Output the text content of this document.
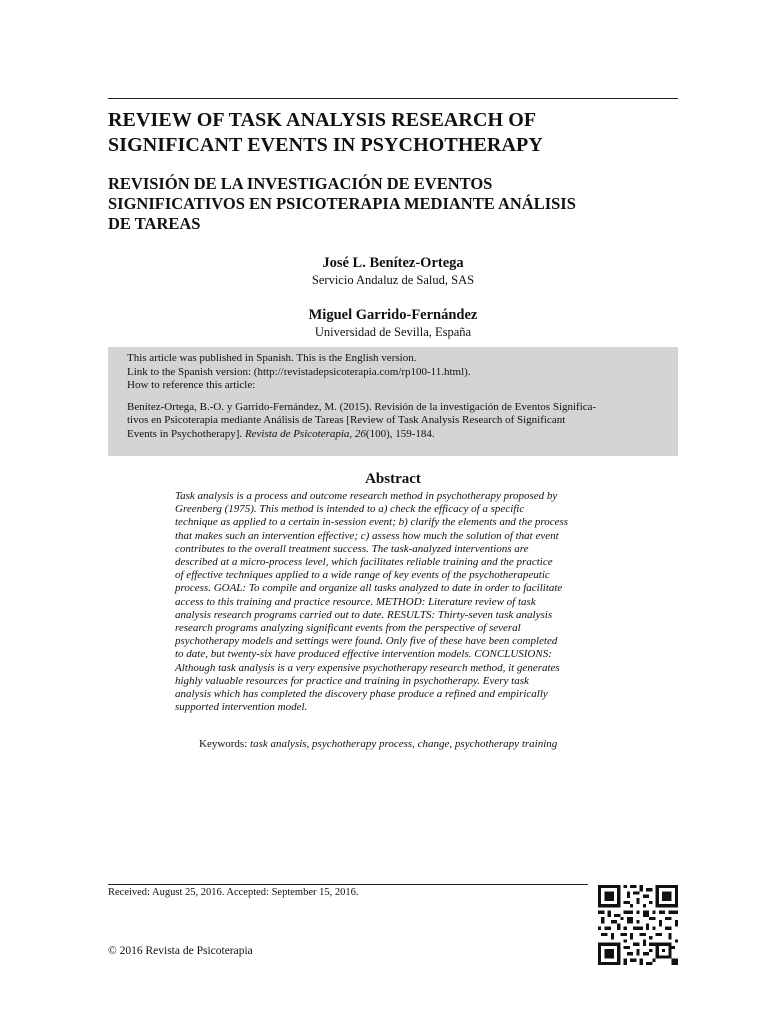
REVIEW OF TASK ANALYSIS RESEARCH OF
SIGNIFICANT EVENTS IN PSYCHOTHERAPY
REVISIÓN DE LA INVESTIGACIÓN DE EVENTOS
SIGNIFICATIVOS EN PSICOTERAPIA MEDIANTE ANÁLISIS
DE TAREAS
José L. Benítez-Ortega
Servicio Andaluz de Salud, SAS
Miguel Garrido-Fernández
Universidad de Sevilla, España
This article was published in Spanish. This is the English version.
Link to the Spanish version: (http://revistadepsicoterapia.com/rp100-11.html).
How to reference this article:
Benítez-Ortega, B.-O. y Garrido-Fernández, M. (2015). Revisión de la investigación de Eventos Significa-
tivos en Psicoterapia mediante Análisis de Tareas [Review of Task Analysis Research of Significant
Events in Psychotherapy]. Revista de Psicoterapia, 26(100), 159-184.
Abstract
Task analysis is a process and outcome research method in psychotherapy proposed by
Greenberg (1975). This method is intended to a) check the efficacy of a specific
technique as applied to a certain in-session event; b) clarify the elements and the process
that makes such an intervention effective; c) assess how much the solution of that event
contributes to the overall treatment success. The task-analyzed interventions are
described at a micro-process level, which facilitates reliable training and the practice
of effective techniques applied to a wide range of key events of the psychotherapeutic
process. GOAL: To compile and organize all tasks analyzed to date in order to facilitate
access to this training and practice resource. METHOD: Literature review of task
analysis research programs carried out to date. RESULTS: Thirty-seven task analysis
research programs analyzing significant events from the perspective of several
psychotherapy models and settings were found. Only five of these have been completed
to date, but twenty-six have produced effective intervention models. CONCLUSIONS:
Although task analysis is a very expensive psychotherapy research method, it generates
highly valuable resources for practice and training in psychotherapy. Every task
analysis which has completed the discovery phase produce a refined and empirically
supported intervention model.
Keywords: task analysis, psychotherapy process, change, psychotherapy training
Received: August 25, 2016. Accepted: September 15, 2016.
© 2016 Revista de Psicoterapia
